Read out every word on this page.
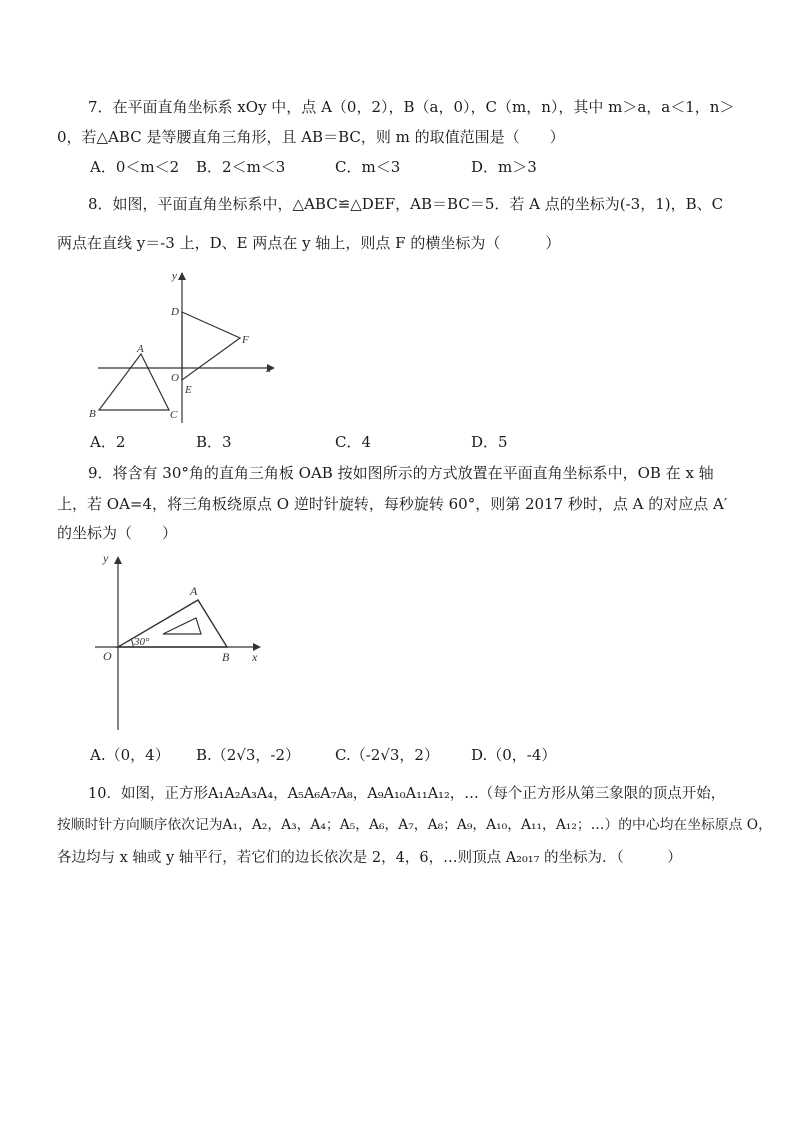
7．在平面直角坐标系 xOy 中，点 A（0，2），B（a，0），C（m，n），其中 m＞a，a＜1，n＞
0，若△ABC 是等腰直角三角形，且 AB＝BC，则 m 的取值范围是（　　）
A．0＜m＜2 B．2＜m＜3	C．m＜3	D．m＞3
8．如图，平面直角坐标系中，△ABC≌△DEF，AB＝BC＝5．若 A 点的坐标为(-3，1)，B、C
两点在直线 y＝-3 上，D、E 两点在 y 轴上，则点 F 的横坐标为（　　　）
x
y
A
B	C
D
E
F
O
A．2	B．3	C．4	D．5
9．将含有 30°角的直角三角板 OAB 按如图所示的方式放置在平面直角坐标系中，OB 在 x 轴
上，若 OA=4，将三角板绕原点 O 逆时针旋转，每秒旋转 60°，则第 2017 秒时，点 A 的对应点 A′
的坐标为（　　）
x
y
30°
O
A
B
A.（0，4） B.（2√3，-2） C.（-2√3，2） D.（0，-4）
10．如图，正方形A₁A₂A₃A₄，A₅A₆A₇A₈，A₉A₁₀A₁₁A₁₂，…（每个正方形从第三象限的顶点开始，
按顺时针方向顺序依次记为A₁，A₂，A₃，A₄；A₅，A₆，A₇，A₈；A₉，A₁₀，A₁₁，A₁₂；…）的中心均在坐标原点 O，
各边均与 x 轴或 y 轴平行，若它们的边长依次是 2，4，6，…则顶点 A₂₀₁₇ 的坐标为．（　　　）
